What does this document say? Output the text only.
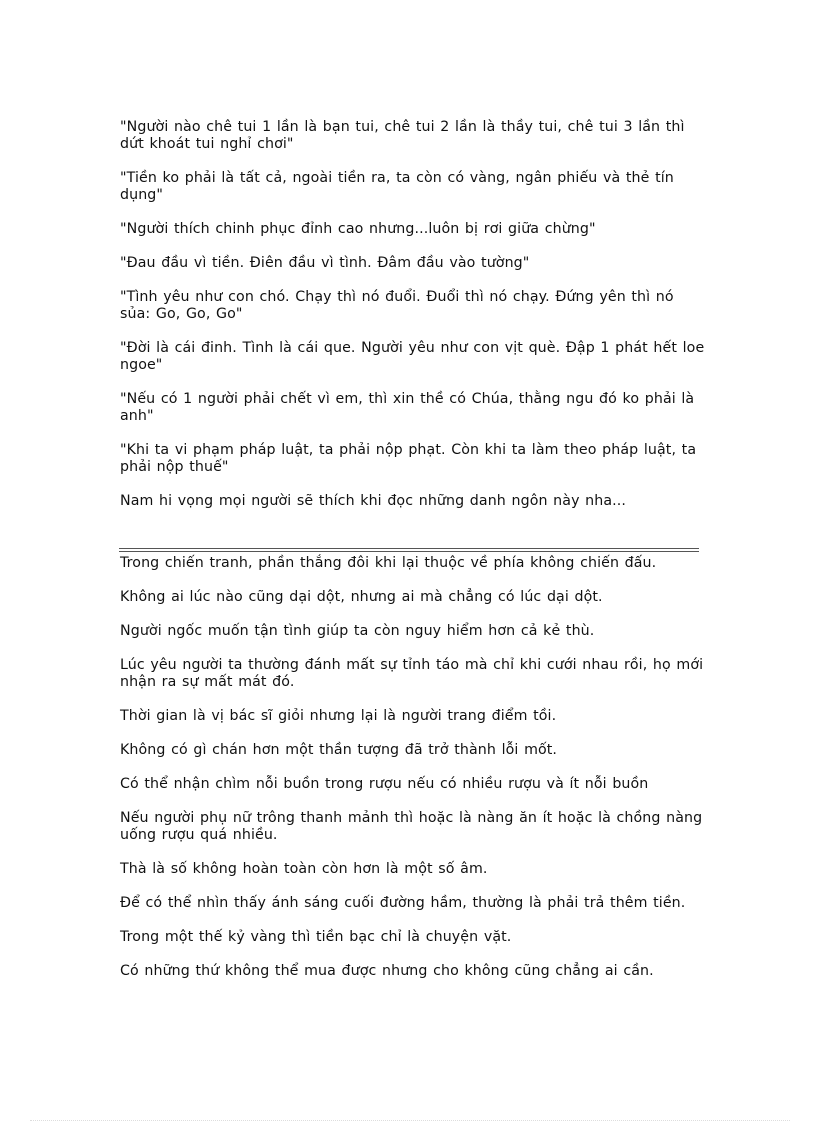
"Người nào chê tui 1 lần là bạn tui, chê tui 2 lần là thầy tui, chê tui 3 lần thì dứt khoát tui nghỉ chơi"

"Tiền ko phải là tất cả, ngoài tiền ra, ta còn có vàng, ngân phiếu và thẻ tín dụng"

"Người thích chinh phục đỉnh cao nhưng...luôn bị rơi giữa chừng"

"Đau đầu vì tiền. Điên đầu vì tình. Đâm đầu vào tường"

"Tình yêu như con chó. Chạy thì nó đuổi. Đuổi thì nó chạy. Đứng yên thì nó sủa: Go, Go, Go"

"Đời là cái đinh. Tình là cái que. Người yêu như con vịt què. Đập 1 phát hết loe ngoe"

"Nếu có 1 người phải chết vì em, thì xin thề có Chúa, thằng ngu đó ko phải là anh"

"Khi ta vi phạm pháp luật, ta phải nộp phạt. Còn khi ta làm theo pháp luật, ta phải nộp thuế"

Nam hi vọng mọi người sẽ thích khi đọc những danh ngôn này nha...

Trong chiến tranh, phần thắng đôi khi lại thuộc về phía không chiến đấu.

Không ai lúc nào cũng dại dột, nhưng ai mà chẳng có lúc dại dột.

Người ngốc muốn tận tình giúp ta còn nguy hiểm hơn cả kẻ thù.

Lúc yêu người ta thường đánh mất sự tỉnh táo mà chỉ khi cưới nhau rồi, họ mới nhận ra sự mất mát đó.

Thời gian là vị bác sĩ giỏi nhưng lại là người trang điểm tồi.

Không có gì chán hơn một thần tượng đã trở thành lỗi mốt.

Có thể nhận chìm nỗi buồn trong rượu nếu có nhiều rượu và ít nỗi buồn

Nếu người phụ nữ trông thanh mảnh thì hoặc là nàng ăn ít hoặc là chồng nàng uống rượu quá nhiều.

Thà là số không hoàn toàn còn hơn là một số âm.

Để có thể nhìn thấy ánh sáng cuối đường hầm, thường là phải trả thêm tiền.

Trong một thế kỷ vàng thì tiền bạc chỉ là chuyện vặt.

Có những thứ không thể mua được nhưng cho không cũng chẳng ai cần.
